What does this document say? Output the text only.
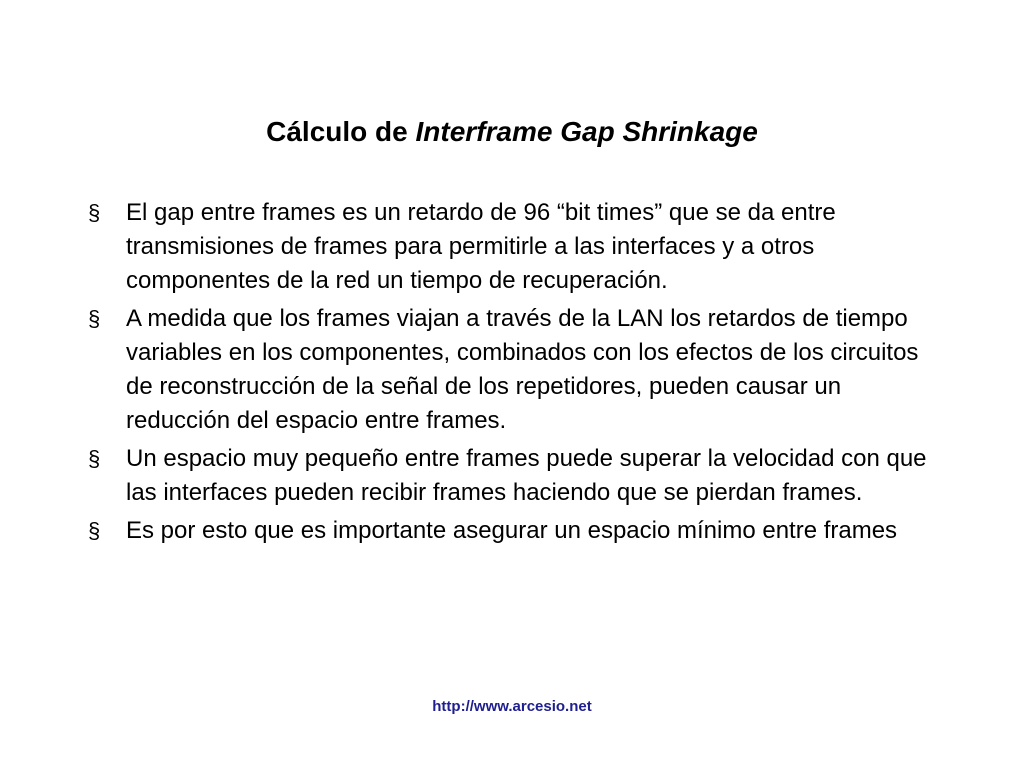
Cálculo de Interframe Gap Shrinkage
§	El gap entre frames es un retardo de 96 “bit times” que se da entre transmisiones de frames para permitirle a las interfaces y a otros componentes de la red un tiempo de recuperación.
§	A medida que los frames viajan a través de la LAN los retardos de tiempo variables en los componentes, combinados con los efectos de los circuitos de reconstrucción de la señal de los repetidores, pueden causar un reducción del espacio entre frames.
§	Un espacio muy pequeño entre frames puede superar la velocidad con que las interfaces pueden recibir frames haciendo que se pierdan frames.
§	Es por esto que es importante asegurar un espacio mínimo entre frames
http://www.arcesio.net
